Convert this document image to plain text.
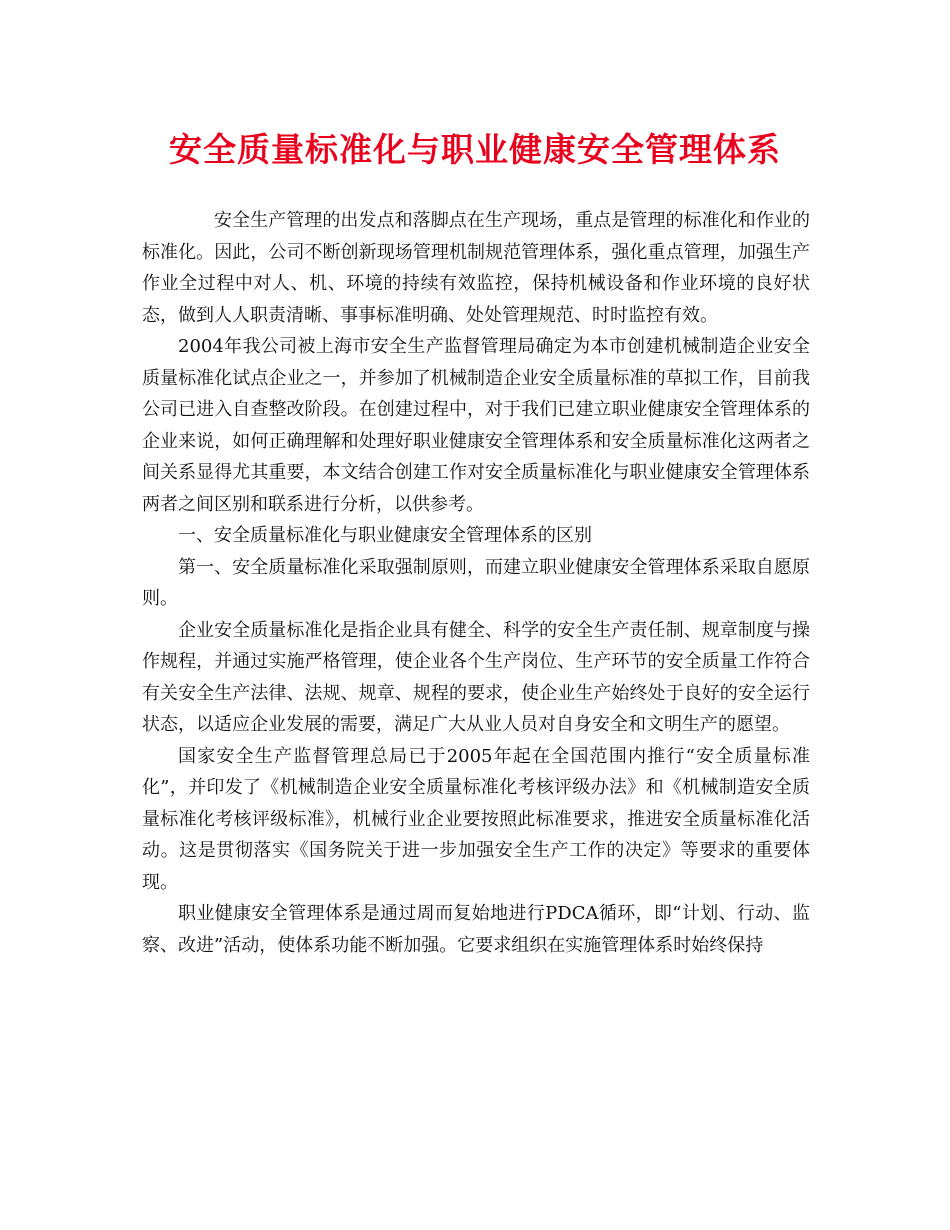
安全质量标准化与职业健康安全管理体系

安全生产管理的出发点和落脚点在生产现场，重点是管理的标准化和作业的标准化。因此，公司不断创新现场管理机制规范管理体系，强化重点管理，加强生产作业全过程中对人、机、环境的持续有效监控，保持机械设备和作业环境的良好状态，做到人人职责清晰、事事标准明确、处处管理规范、时时监控有效。

2004年我公司被上海市安全生产监督管理局确定为本市创建机械制造企业安全质量标准化试点企业之一，并参加了机械制造企业安全质量标准的草拟工作，目前我公司已进入自查整改阶段。在创建过程中，对于我们已建立职业健康安全管理体系的企业来说，如何正确理解和处理好职业健康安全管理体系和安全质量标准化这两者之间关系显得尤其重要，本文结合创建工作对安全质量标准化与职业健康安全管理体系两者之间区别和联系进行分析，以供参考。

一、安全质量标准化与职业健康安全管理体系的区别

第一、安全质量标准化采取强制原则，而建立职业健康安全管理体系采取自愿原则。

企业安全质量标准化是指企业具有健全、科学的安全生产责任制、规章制度与操作规程，并通过实施严格管理，使企业各个生产岗位、生产环节的安全质量工作符合有关安全生产法律、法规、规章、规程的要求，使企业生产始终处于良好的安全运行状态，以适应企业发展的需要，满足广大从业人员对自身安全和文明生产的愿望。

国家安全生产监督管理总局已于2005年起在全国范围内推行“安全质量标准化”，并印发了《机械制造企业安全质量标准化考核评级办法》和《机械制造安全质量标准化考核评级标准》，机械行业企业要按照此标准要求，推进安全质量标准化活动。这是贯彻落实《国务院关于进一步加强安全生产工作的决定》等要求的重要体现。

职业健康安全管理体系是通过周而复始地进行PDCA循环，即“计划、行动、监察、改进”活动，使体系功能不断加强。它要求组织在实施管理体系时始终保持
